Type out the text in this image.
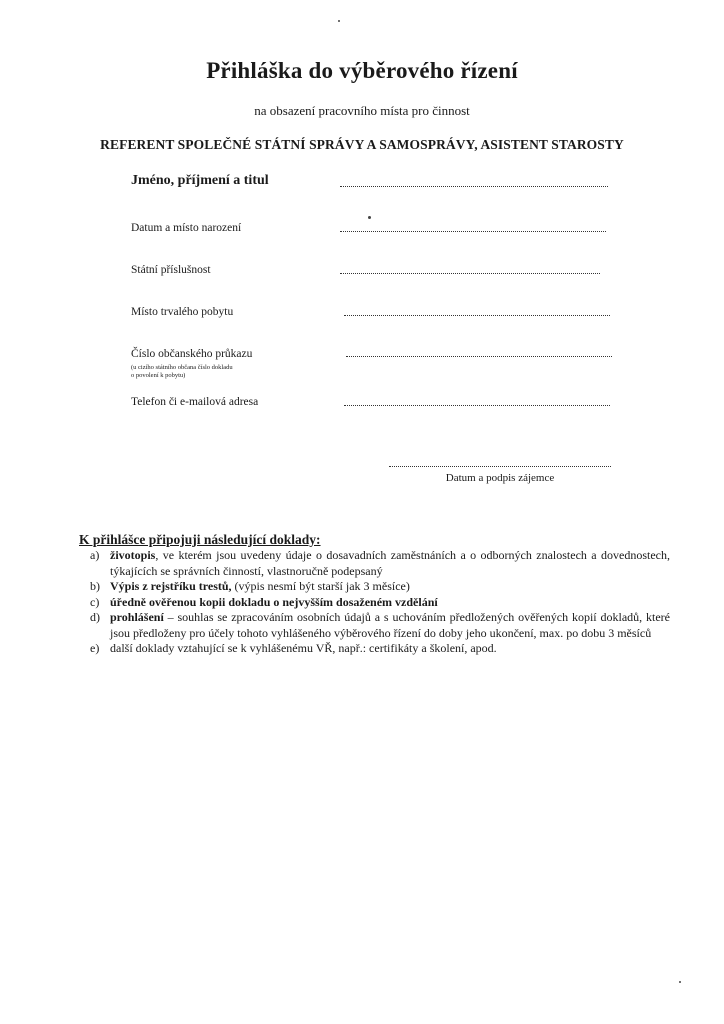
Přihláška do výběrového řízení
na obsazení pracovního místa pro činnost
REFERENT SPOLEČNÉ STÁTNÍ SPRÁVY A SAMOSPRÁVY, ASISTENT STAROSTY
Jméno, příjmení a titul
Datum a místo narození
Státní příslušnost
Místo trvalého pobytu
Číslo občanského průkazu
(u cizího státního občana číslo dokladu
o povolení k pobytu)
Telefon či e-mailová adresa
Datum a podpis zájemce
K přihlášce připojuji následující doklady:
a) životopis, ve kterém jsou uvedeny údaje o dosavadních zaměstnáních a o odborných znalostech a dovednostech, týkajících se správních činností, vlastnoručně podepsaný
b) Výpis z rejstříku trestů, (výpis nesmí být starší jak 3 měsíce)
c) úředně ověřenou kopii dokladu o nejvyšším dosaženém vzdělání
d) prohlášení – souhlas se zpracováním osobních údajů a s uchováním předložených ověřených kopií dokladů, které jsou předloženy pro účely tohoto vyhlášeného výběrového řízení do doby jeho ukončení, max. po dobu 3 měsíců
e) další doklady vztahující se k vyhlášenému VŘ, např.: certifikáty a školení, apod.
